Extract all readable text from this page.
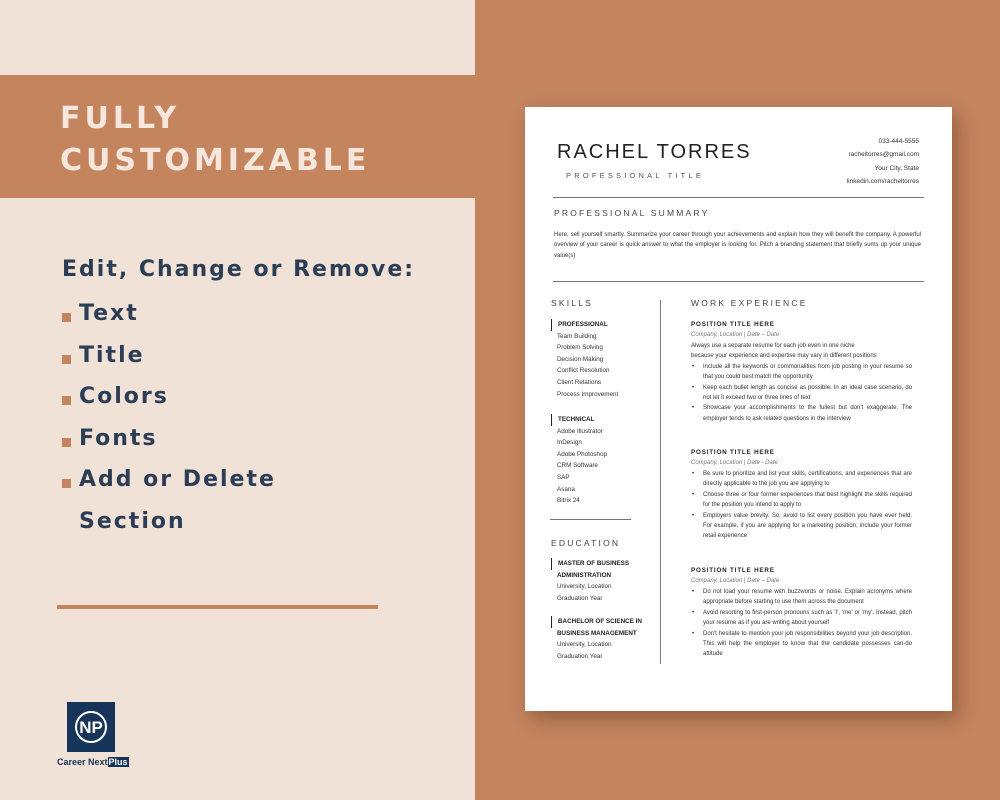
FULLY
CUSTOMIZABLE
Edit, Change or Remove:
Text
Title
Colors
Fonts
Add or Delete
Section
NP
Career NextPlus
RACHEL TORRES
PROFESSIONAL TITLE
033-444-5555
racheltorres@gmail.com
Your City, State
linkedin.com/racheltorres
PROFESSIONAL SUMMARY
Here, sell yourself smartly. Summarize your career through your achievements and explain how they will benefit the company. A powerful overview of your career is quick answer to what the employer is looking for. Pitch a branding statement that briefly sums up your unique value(s)
SKILLS
PROFESSIONAL
Team Building
Problem Solving
Decision Making
Conflict Resolution
Client Relations
Process Improvement
TECHNICAL
Adobe Illustrator
InDesign
Adobe Photoshop
CRM Software
SAP
Asana
Bitrix 24
EDUCATION
MASTER OF BUSINESS
ADMINISTRATION
University, Location
Graduation Year
BACHELOR OF SCIENCE IN
BUSINESS MANAGEMENT
University, Location
Graduation Year
WORK EXPERIENCE
POSITION TITLE HERE
Company, Location | Date – Date
Always use a separate resume for each job even in one niche
because your experience and expertise may vary in different positions
• Include all the keywords or commonalities from job posting in your resume so that you could best match the opportunity
• Keep each bullet length as concise as possible. In an ideal case scenario, do not let it exceed two or three lines of text
• Showcase your accomplishments to the fullest but don't exaggerate. The employer tends to ask related questions in the interview
POSITION TITLE HERE
Company, Location | Date - Date
• Be sure to prioritize and list your skills, certifications, and experiences that are directly applicable to the job you are applying to
• Choose three or four former experiences that best highlight the skills required for the position you intend to apply to
• Employers value brevity. So, avoid to list every position you have ever held. For example, if you are applying for a marketing position, include your former retail experience
POSITION TITLE HERE
Company, Location | Date – Date
• Do not load your resume with buzzwords or noise. Explain acronyms where appropriate before starting to use them across the document
• Avoid resorting to first-person pronouns such as 'I', 'me' or 'my'. Instead, pitch your resume as if you are writing about yourself
• Don't hesitate to mention your job responsibilities beyond your job description. This will help the employer to know that the candidate possesses can-do attitude
